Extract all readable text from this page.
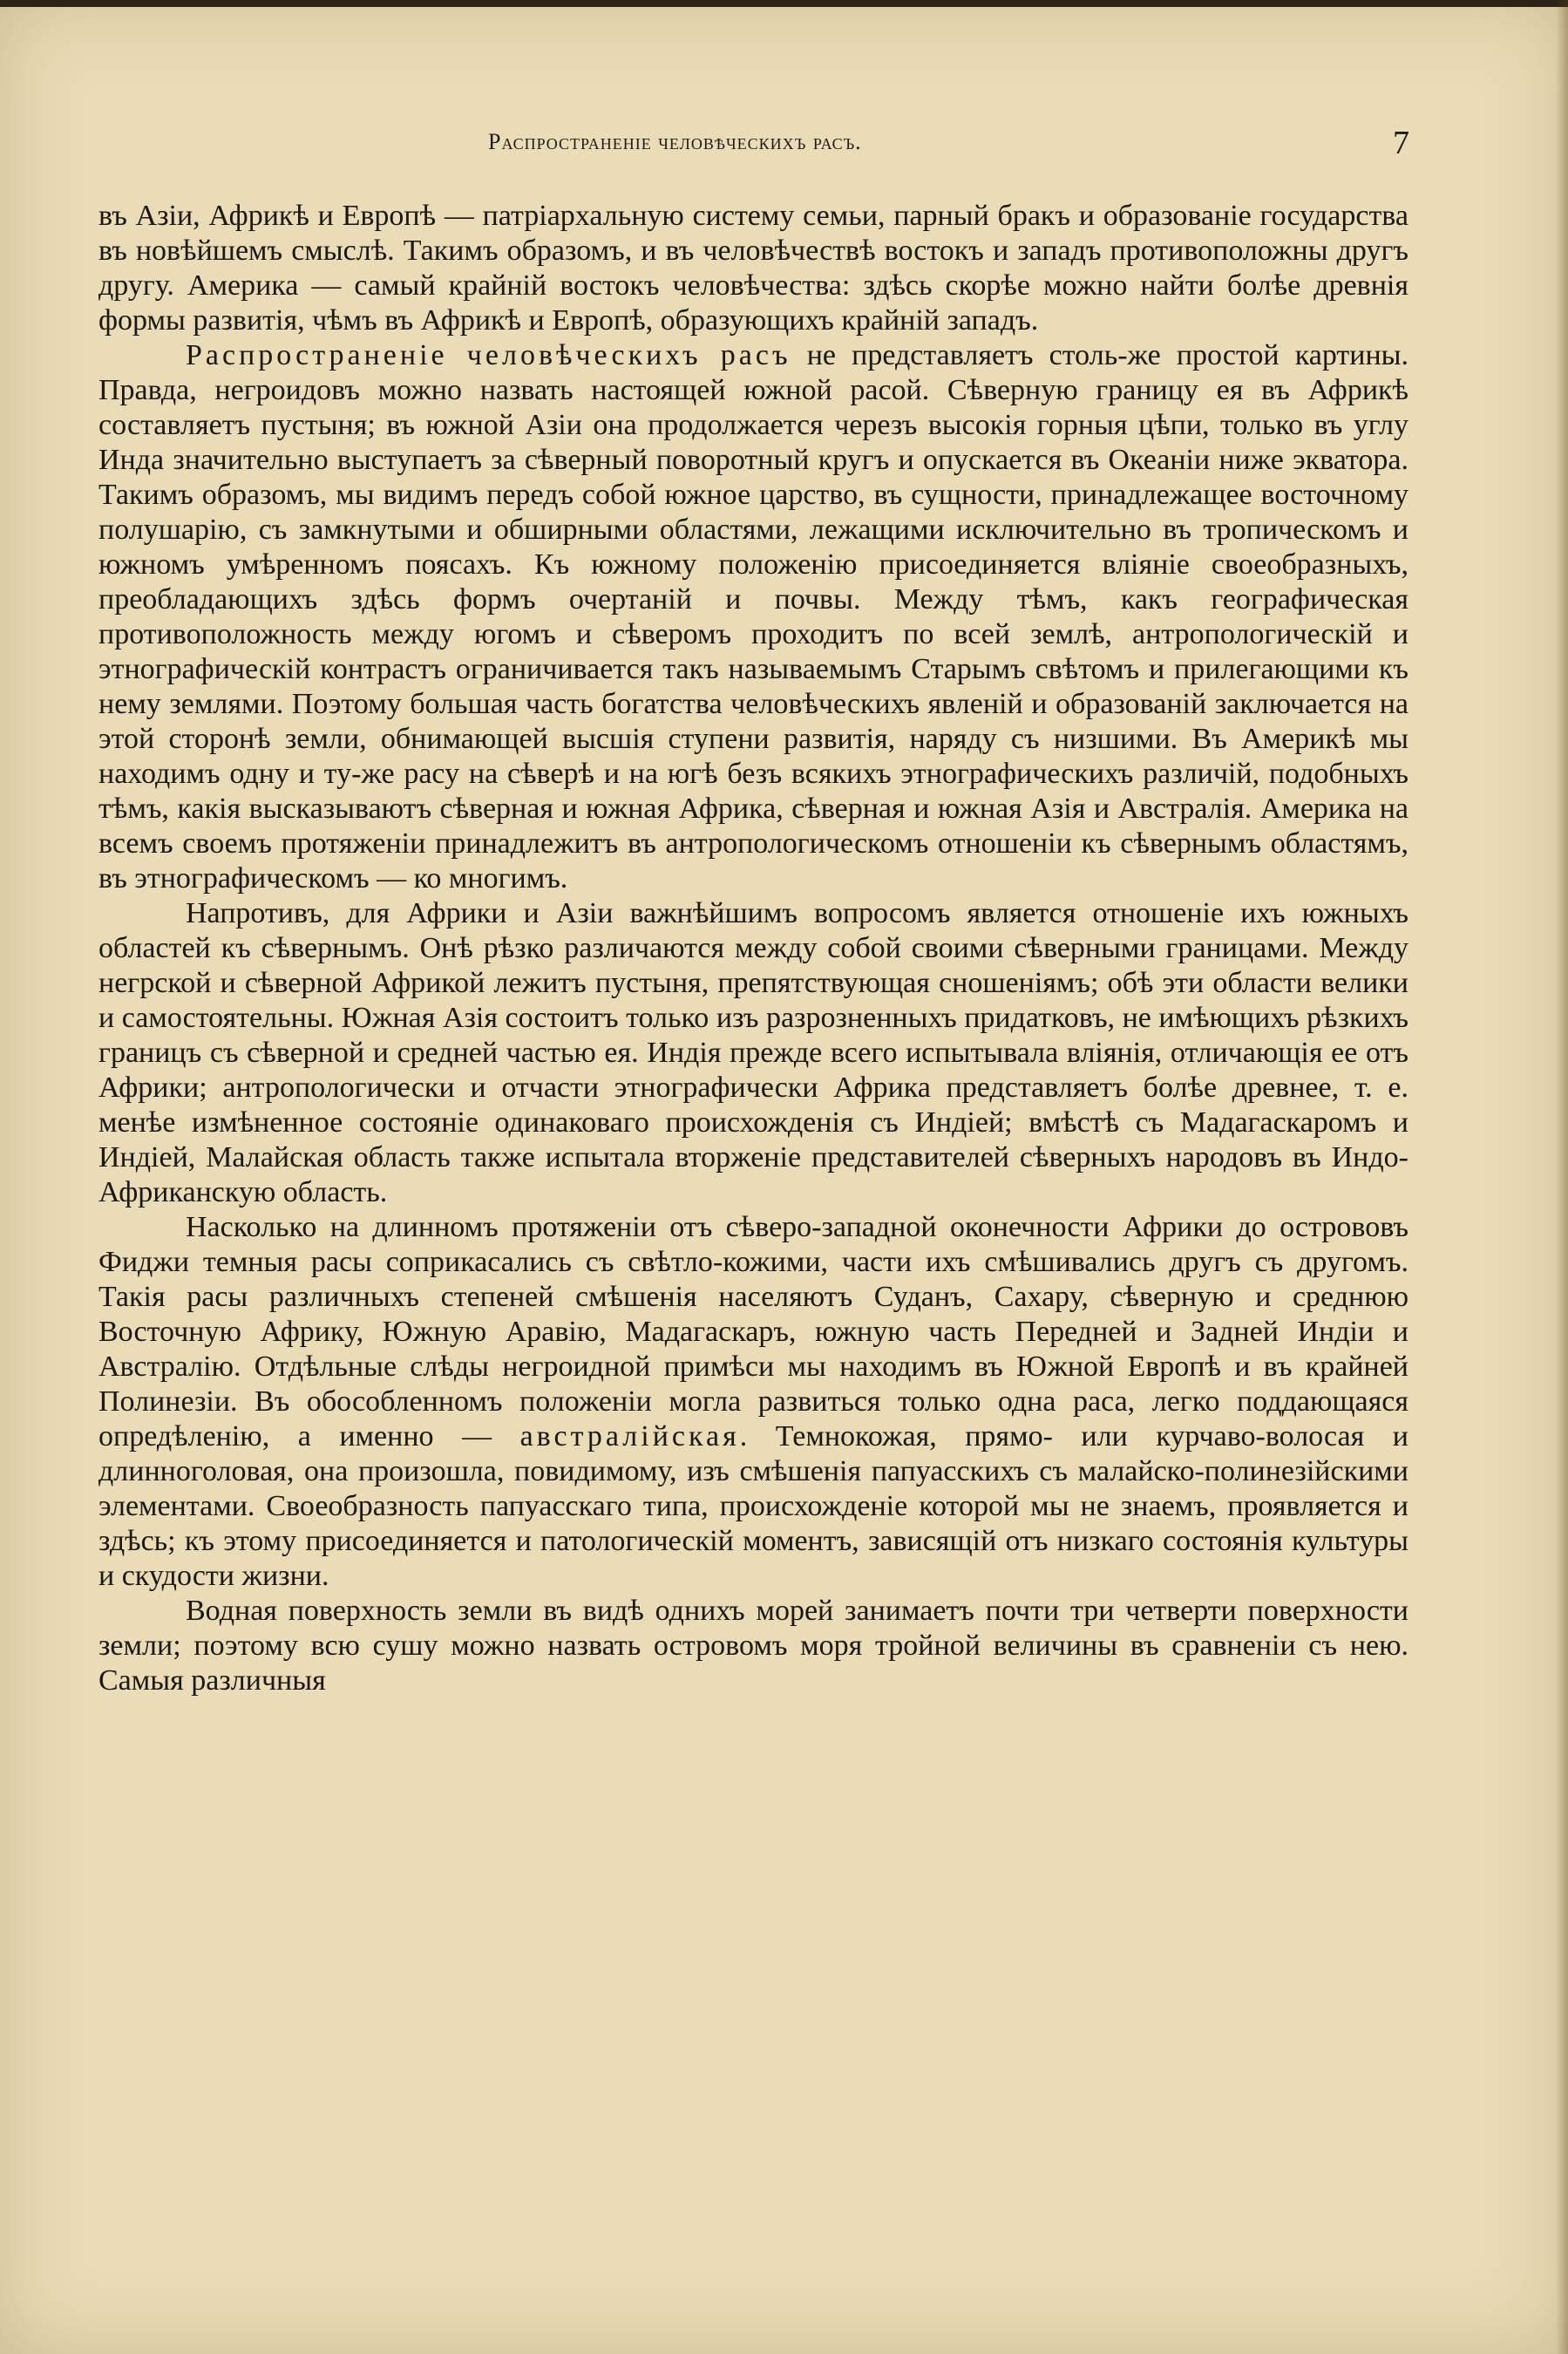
Распространеніе человѣческихъ расъ.	7

въ Азіи, Африкѣ и Европѣ — патріархальную систему семьи, парный бракъ и образованіе государства въ новѣйшемъ смыслѣ. Такимъ образомъ, и въ человѣчествѣ востокъ и западъ противоположны другъ другу. Америка — самый крайній востокъ человѣчества: здѣсь скорѣе можно найти болѣе древнія формы развитія, чѣмъ въ Африкѣ и Европѣ, образующихъ крайній западъ.

Распространеніе человѣческихъ расъ не представляетъ столь-же простой картины. Правда, негроидовъ можно назвать настоящей южной расой. Сѣверную границу ея въ Африкѣ составляетъ пустыня; въ южной Азіи она продолжается черезъ высокія горныя цѣпи, только въ углу Инда значительно выступаетъ за сѣверный поворотный кругъ и опускается въ Океаніи ниже экватора. Такимъ образомъ, мы видимъ передъ собой южное царство, въ сущности, принадлежащее восточному полушарію, съ замкнутыми и обширными областями, лежащими исключительно въ тропическомъ и южномъ умѣренномъ поясахъ. Къ южному положенію присоединяется вліяніе своеобразныхъ, преобладающихъ здѣсь формъ очертаній и почвы. Между тѣмъ, какъ географическая противоположность между югомъ и сѣверомъ проходитъ по всей землѣ, антропологическій и этнографическій контрастъ ограничивается такъ называемымъ Старымъ свѣтомъ и прилегающими къ нему землями. Поэтому большая часть богатства человѣческихъ явленій и образованій заключается на этой сторонѣ земли, обнимающей высшія ступени развитія, наряду съ низшими. Въ Америкѣ мы находимъ одну и ту-же расу на сѣверѣ и на югѣ безъ всякихъ этнографическихъ различій, подобныхъ тѣмъ, какія высказываютъ сѣверная и южная Африка, сѣверная и южная Азія и Австралія. Америка на всемъ своемъ протяженіи принадлежитъ въ антропологическомъ отношеніи къ сѣвернымъ областямъ, въ этнографическомъ — ко многимъ.

Напротивъ, для Африки и Азіи важнѣйшимъ вопросомъ является отношеніе ихъ южныхъ областей къ сѣвернымъ. Онѣ рѣзко различаются между собой своими сѣверными границами. Между негрской и сѣверной Африкой лежитъ пустыня, препятствующая сношеніямъ; обѣ эти области велики и самостоятельны. Южная Азія состоитъ только изъ разрозненныхъ придатковъ, не имѣющихъ рѣзкихъ границъ съ сѣверной и средней частью ея. Индія прежде всего испытывала вліянія, отличающія ее отъ Африки; антропологически и отчасти этнографически Африка представляетъ болѣе древнее, т. е. менѣе измѣненное состояніе одинаковаго происхожденія съ Индіей; вмѣстѣ съ Мадагаскаромъ и Индіей, Малайская область также испытала вторженіе представителей сѣверныхъ народовъ въ Индо-Африканскую область.

Насколько на длинномъ протяженіи отъ сѣверо-западной оконечности Африки до острововъ Фиджи темныя расы соприкасались съ свѣтло-кожими, части ихъ смѣшивались другъ съ другомъ. Такія расы различныхъ степеней смѣшенія населяютъ Суданъ, Сахару, сѣверную и среднюю Восточную Африку, Южную Аравію, Мадагаскаръ, южную часть Передней и Задней Индіи и Австралію. Отдѣльные слѣды негроидной примѣси мы находимъ въ Южной Европѣ и въ крайней Полинезіи. Въ обособленномъ положеніи могла развиться только одна раса, легко поддающаяся опредѣленію, а именно — австралійская. Темнокожая, прямо- или курчаво-волосая и длинноголовая, она произошла, повидимому, изъ смѣшенія папуасскихъ съ малайско-полинезійскими элементами. Своеобразность папуасскаго типа, происхожденіе которой мы не знаемъ, проявляется и здѣсь; къ этому присоединяется и патологическій моментъ, зависящій отъ низкаго состоянія культуры и скудости жизни.

Водная поверхность земли въ видѣ однихъ морей занимаетъ почти три четверти поверхности земли; поэтому всю сушу можно назвать островомъ моря тройной величины въ сравненіи съ нею. Самыя различныя
